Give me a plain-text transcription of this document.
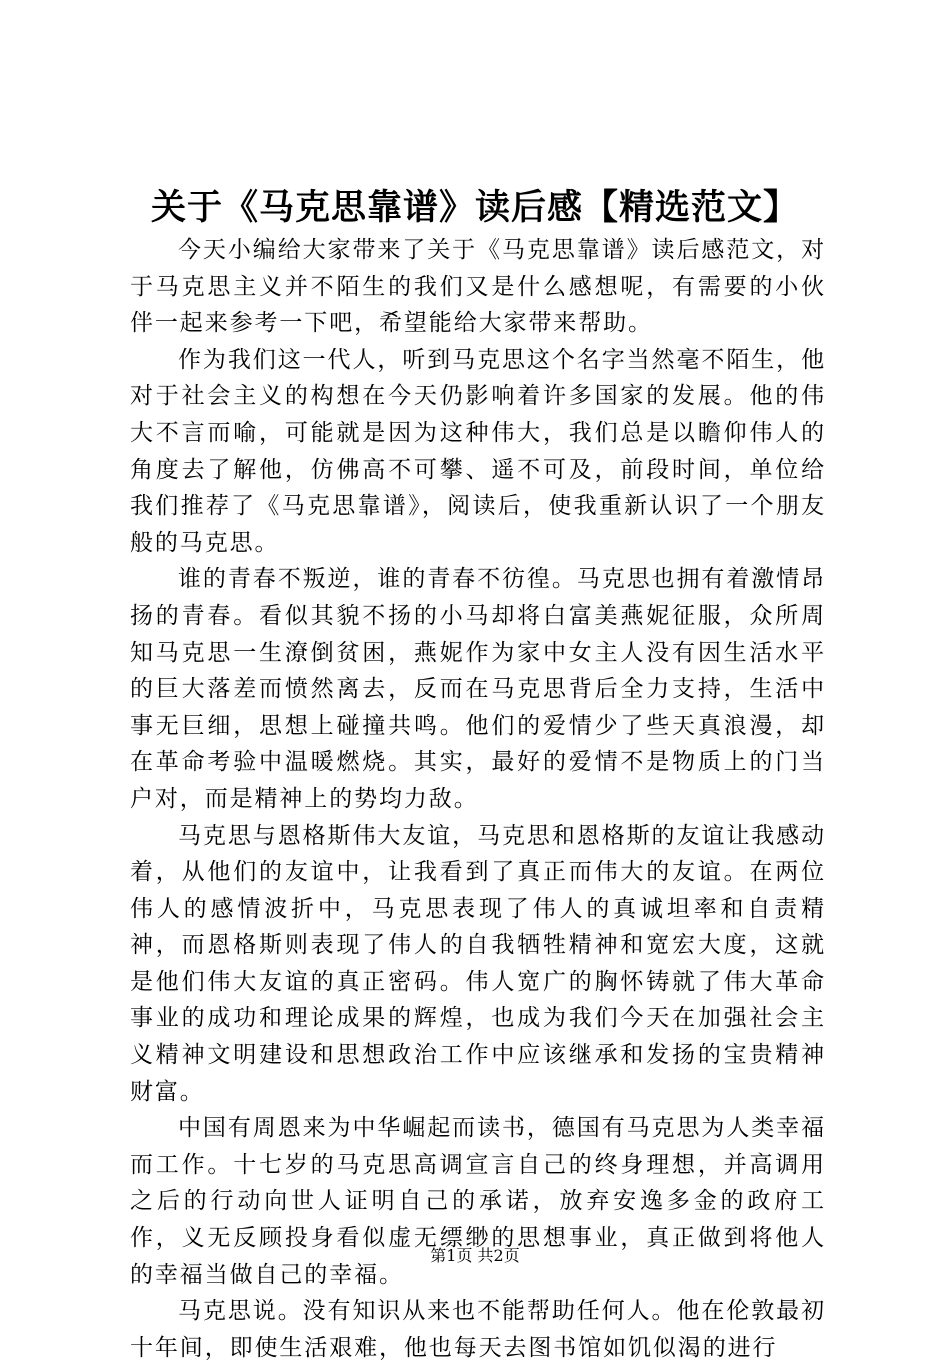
关于《马克思靠谱》读后感【精选范文】

今天小编给大家带来了关于《马克思靠谱》读后感范文，对于马克思主义并不陌生的我们又是什么感想呢，有需要的小伙伴一起来参考一下吧，希望能给大家带来帮助。

作为我们这一代人，听到马克思这个名字当然毫不陌生，他对于社会主义的构想在今天仍影响着许多国家的发展。他的伟大不言而喻，可能就是因为这种伟大，我们总是以瞻仰伟人的角度去了解他，仿佛高不可攀、遥不可及，前段时间，单位给我们推荐了《马克思靠谱》，阅读后，使我重新认识了一个朋友般的马克思。

谁的青春不叛逆，谁的青春不彷徨。马克思也拥有着激情昂扬的青春。看似其貌不扬的小马却将白富美燕妮征服，众所周知马克思一生潦倒贫困，燕妮作为家中女主人没有因生活水平的巨大落差而愤然离去，反而在马克思背后全力支持，生活中事无巨细，思想上碰撞共鸣。他们的爱情少了些天真浪漫，却在革命考验中温暖燃烧。其实，最好的爱情不是物质上的门当户对，而是精神上的势均力敌。

马克思与恩格斯伟大友谊，马克思和恩格斯的友谊让我感动着，从他们的友谊中，让我看到了真正而伟大的友谊。在两位伟人的感情波折中，马克思表现了伟人的真诚坦率和自责精神，而恩格斯则表现了伟人的自我牺牲精神和宽宏大度，这就是他们伟大友谊的真正密码。伟人宽广的胸怀铸就了伟大革命事业的成功和理论成果的辉煌，也成为我们今天在加强社会主义精神文明建设和思想政治工作中应该继承和发扬的宝贵精神财富。

中国有周恩来为中华崛起而读书，德国有马克思为人类幸福而工作。十七岁的马克思高调宣言自己的终身理想，并高调用之后的行动向世人证明自己的承诺，放弃安逸多金的政府工作，义无反顾投身看似虚无缥缈的思想事业，真正做到将他人的幸福当做自己的幸福。

马克思说。没有知识从来也不能帮助任何人。他在伦敦最初十年间，即使生活艰难，他也每天去图书馆如饥似渴的进行

第1页 共2页
